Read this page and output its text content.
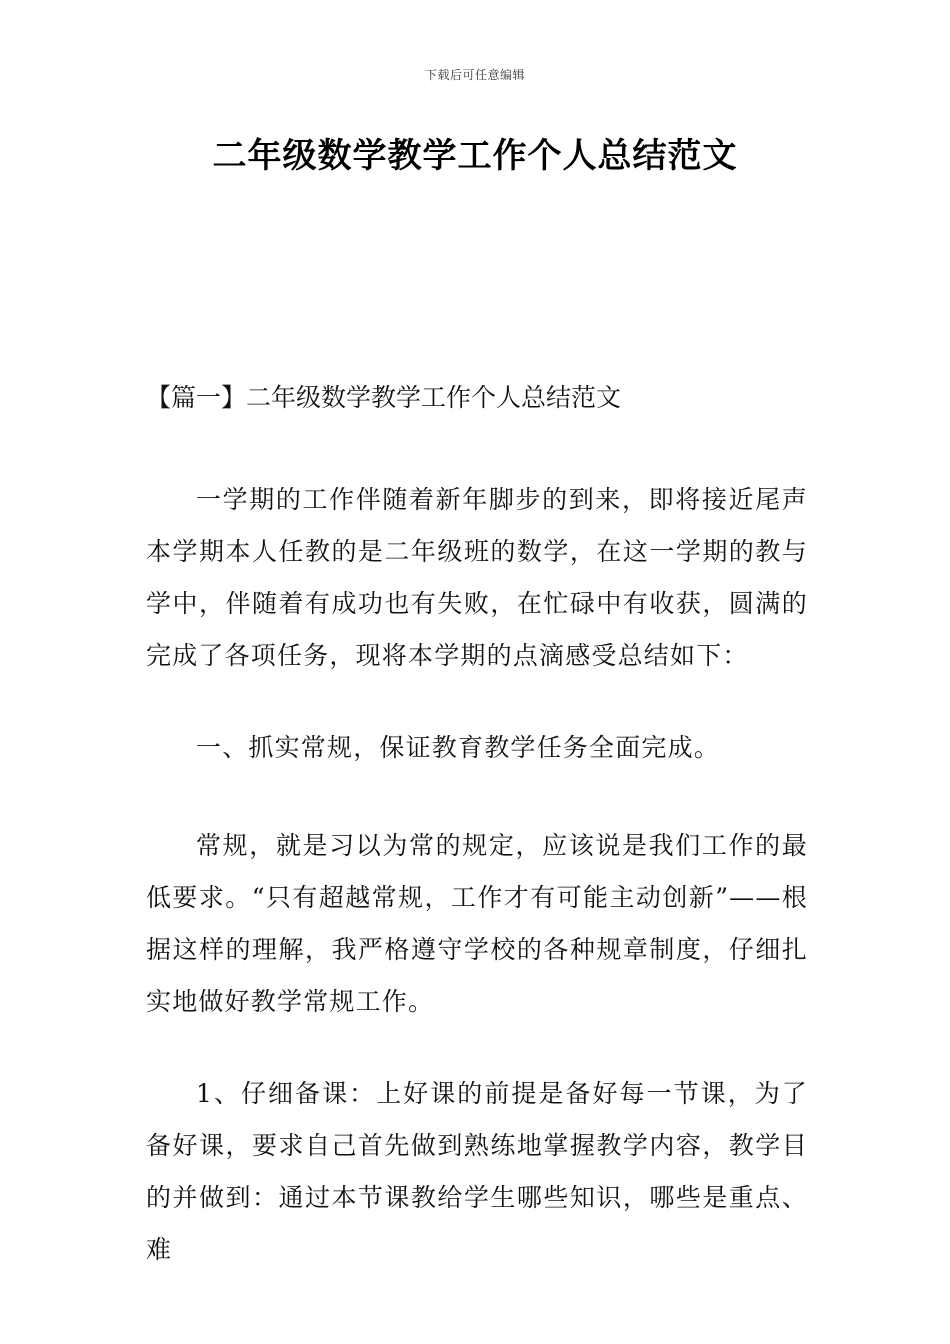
下载后可任意编辑
二年级数学教学工作个人总结范文
【篇一】二年级数学教学工作个人总结范文

一学期的工作伴随着新年脚步的到来，即将接近尾声本学期本人任教的是二年级班的数学，在这一学期的教与学中，伴随着有成功也有失败，在忙碌中有收获，圆满的完成了各项任务，现将本学期的点滴感受总结如下：

一、抓实常规，保证教育教学任务全面完成。

常规，就是习以为常的规定，应该说是我们工作的最低要求。“只有超越常规，工作才有可能主动创新”——根据这样的理解，我严格遵守学校的各种规章制度，仔细扎实地做好教学常规工作。

1、仔细备课：上好课的前提是备好每一节课，为了备好课，要求自己首先做到熟练地掌握教学内容，教学目的并做到：通过本节课教给学生哪些知识，哪些是重点、难
